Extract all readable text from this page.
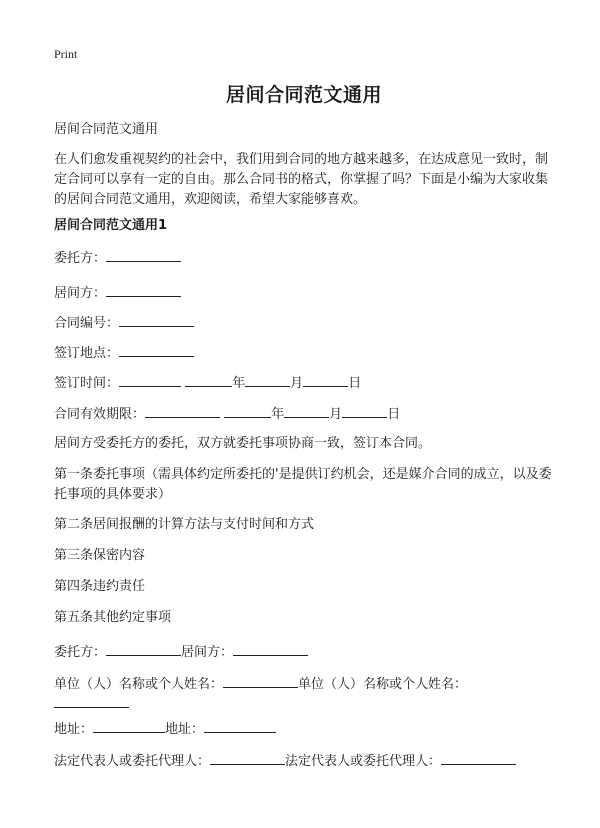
Print
居间合同范文通用

居间合同范文通用

在人们愈发重视契约的社会中，我们用到合同的地方越来越多，在达成意见一致时，制定合同可以享有一定的自由。那么合同书的格式，你掌握了吗？下面是小编为大家收集的居间合同范文通用，欢迎阅读，希望大家能够喜欢。

居间合同范文通用1

委托方：

居间方：

合同编号：

签订地点：

签订时间：	年	月	日

合同有效期限：	年	月	日

居间方受委托方的委托，双方就委托事项协商一致，签订本合同。

第一条委托事项（需具体约定所委托的'是提供订约机会，还是媒介合同的成立，以及委托事项的具体要求）

第二条居间报酬的计算方法与支付时间和方式

第三条保密内容

第四条违约责任

第五条其他约定事项

委托方：	居间方：

单位（人）名称或个人姓名：	单位（人）名称或个人姓名：

地址：	地址：

法定代表人或委托代理人：	法定代表人或委托代理人：
